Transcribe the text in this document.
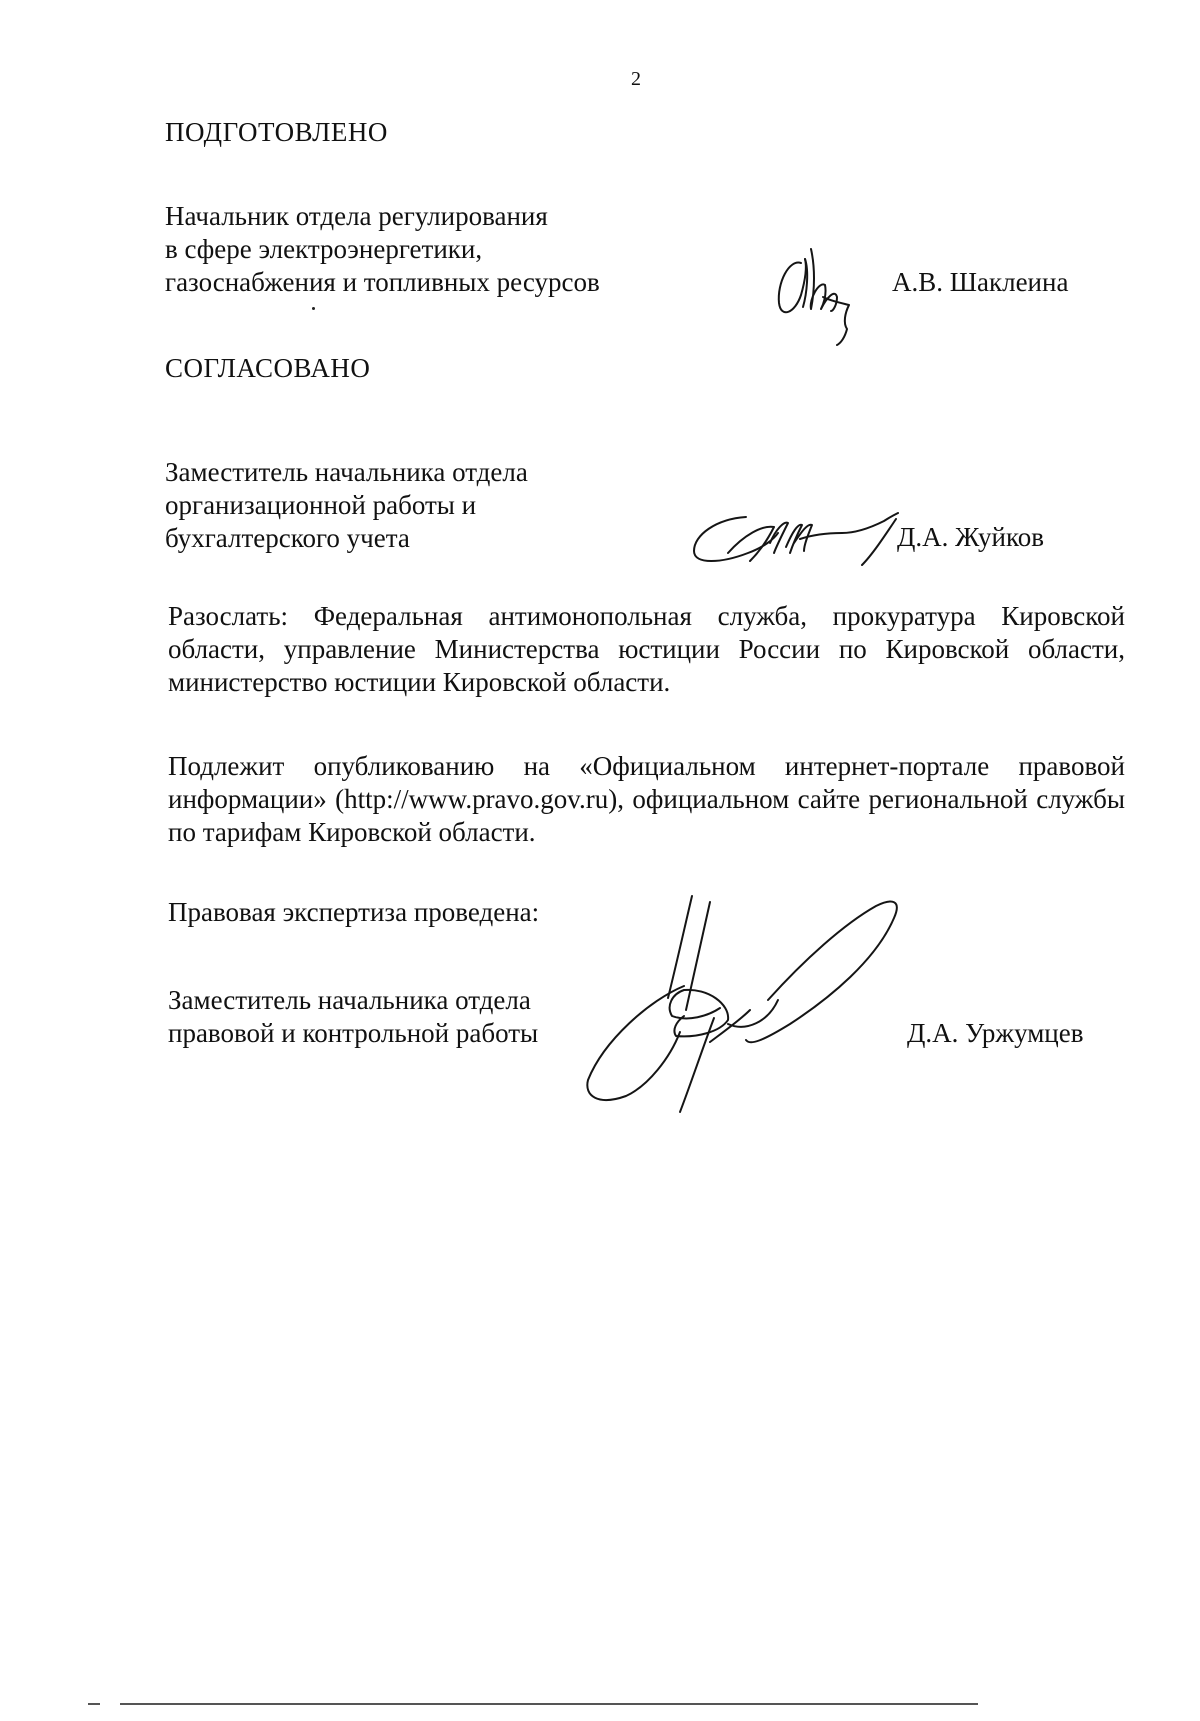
2
ПОДГОТОВЛЕНО
Начальник отдела регулирования
в сфере электроэнергетики,
газоснабжения и топливных ресурсов	А.В. Шаклеина
СОГЛАСОВАНО
Заместитель начальника отдела
организационной работы и
бухгалтерского учета	Д.А. Жуйков
Разослать: Федеральная антимонопольная служба, прокуратура Кировской области, управление Министерства юстиции России по Кировской области, министерство юстиции Кировской области.
Подлежит опубликованию на «Официальном интернет-портале правовой информации» (http://www.pravo.gov.ru), официальном сайте региональной службы по тарифам Кировской области.
Правовая экспертиза проведена:
Заместитель начальника отдела
правовой и контрольной работы	Д.А. Уржумцев
